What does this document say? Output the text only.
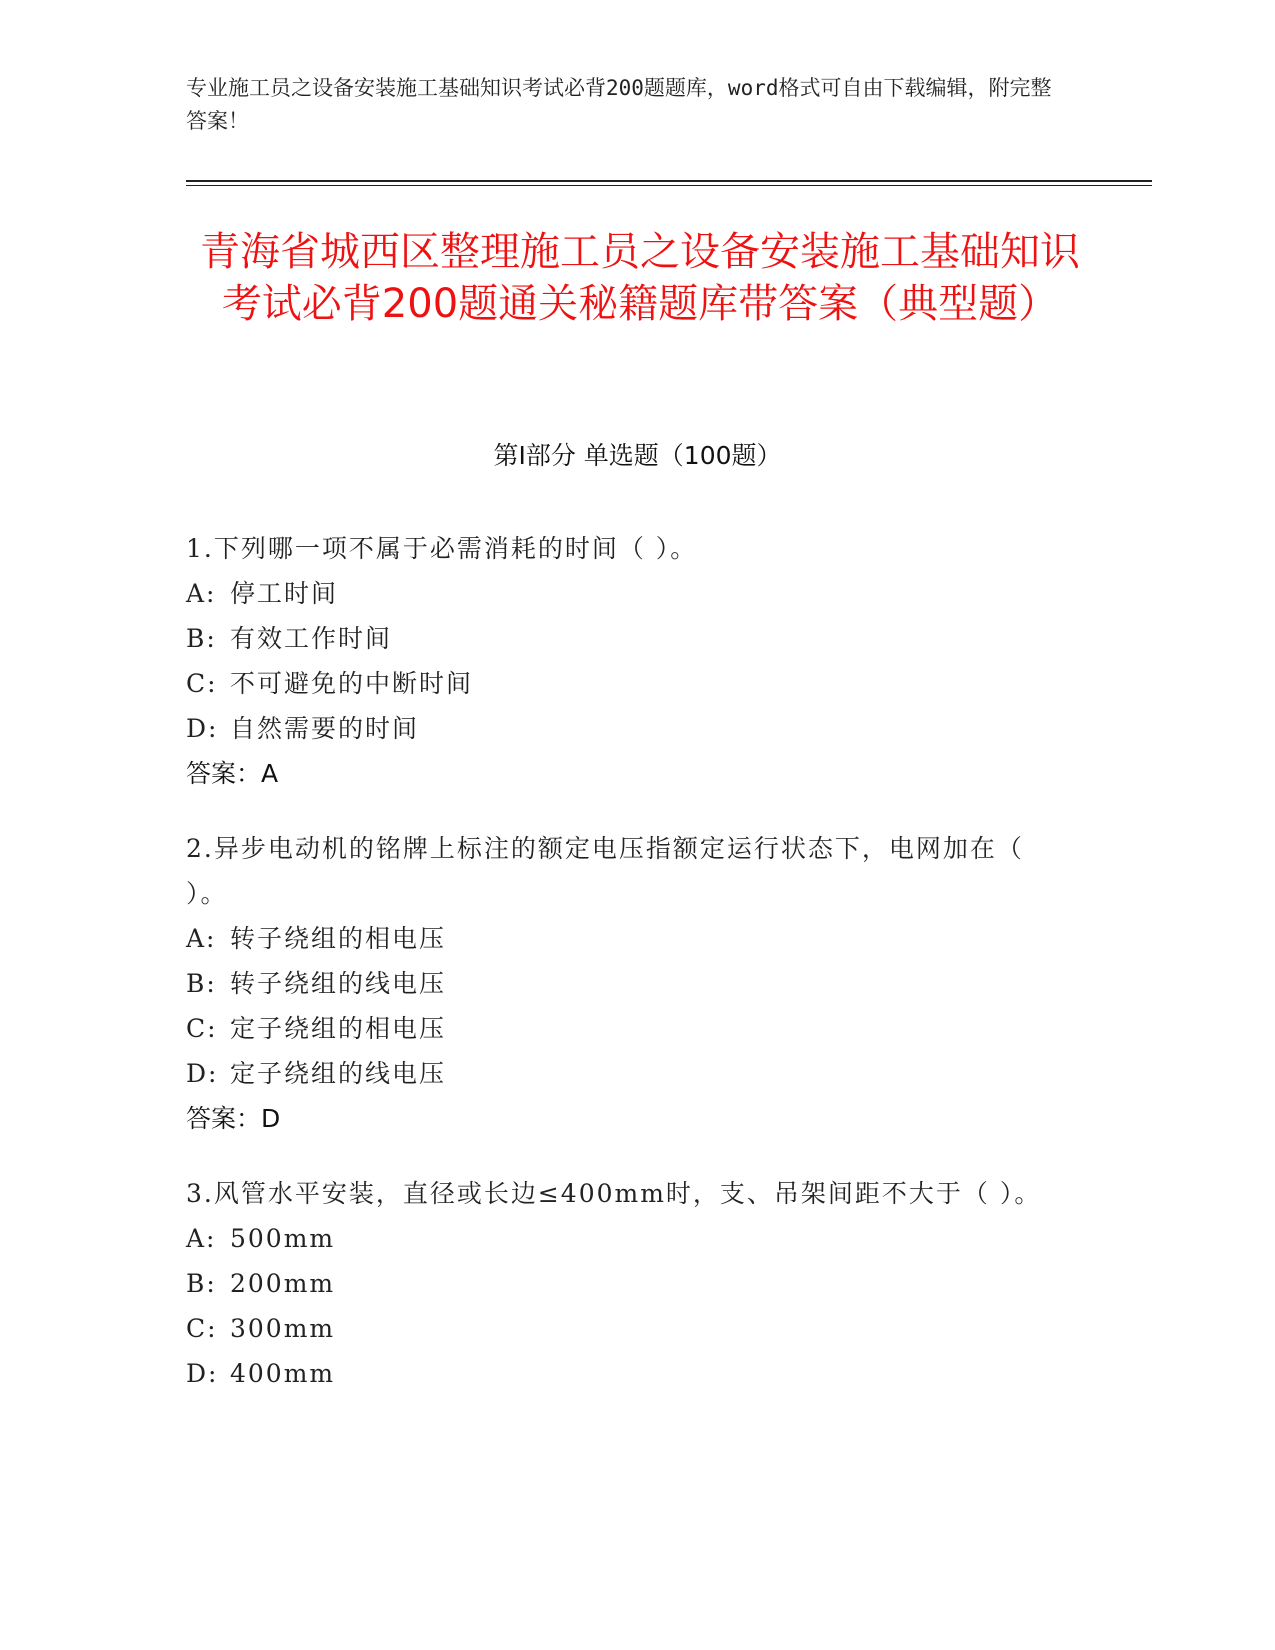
专业施工员之设备安装施工基础知识考试必背200题题库，word格式可自由下载编辑，附完整答案！
青海省城西区整理施工员之设备安装施工基础知识考试必背200题通关秘籍题库带答案（典型题）
第I部分 单选题（100题）
1.下列哪一项不属于必需消耗的时间（ ）。
A: 停工时间
B: 有效工作时间
C: 不可避免的中断时间
D: 自然需要的时间
答案：A
2.异步电动机的铭牌上标注的额定电压指额定运行状态下，电网加在（ ）。
A: 转子绕组的相电压
B: 转子绕组的线电压
C: 定子绕组的相电压
D: 定子绕组的线电压
答案：D
3.风管水平安装，直径或长边≤400mm时，支、吊架间距不大于（ ）。
A: 500mm
B: 200mm
C: 300mm
D: 400mm
